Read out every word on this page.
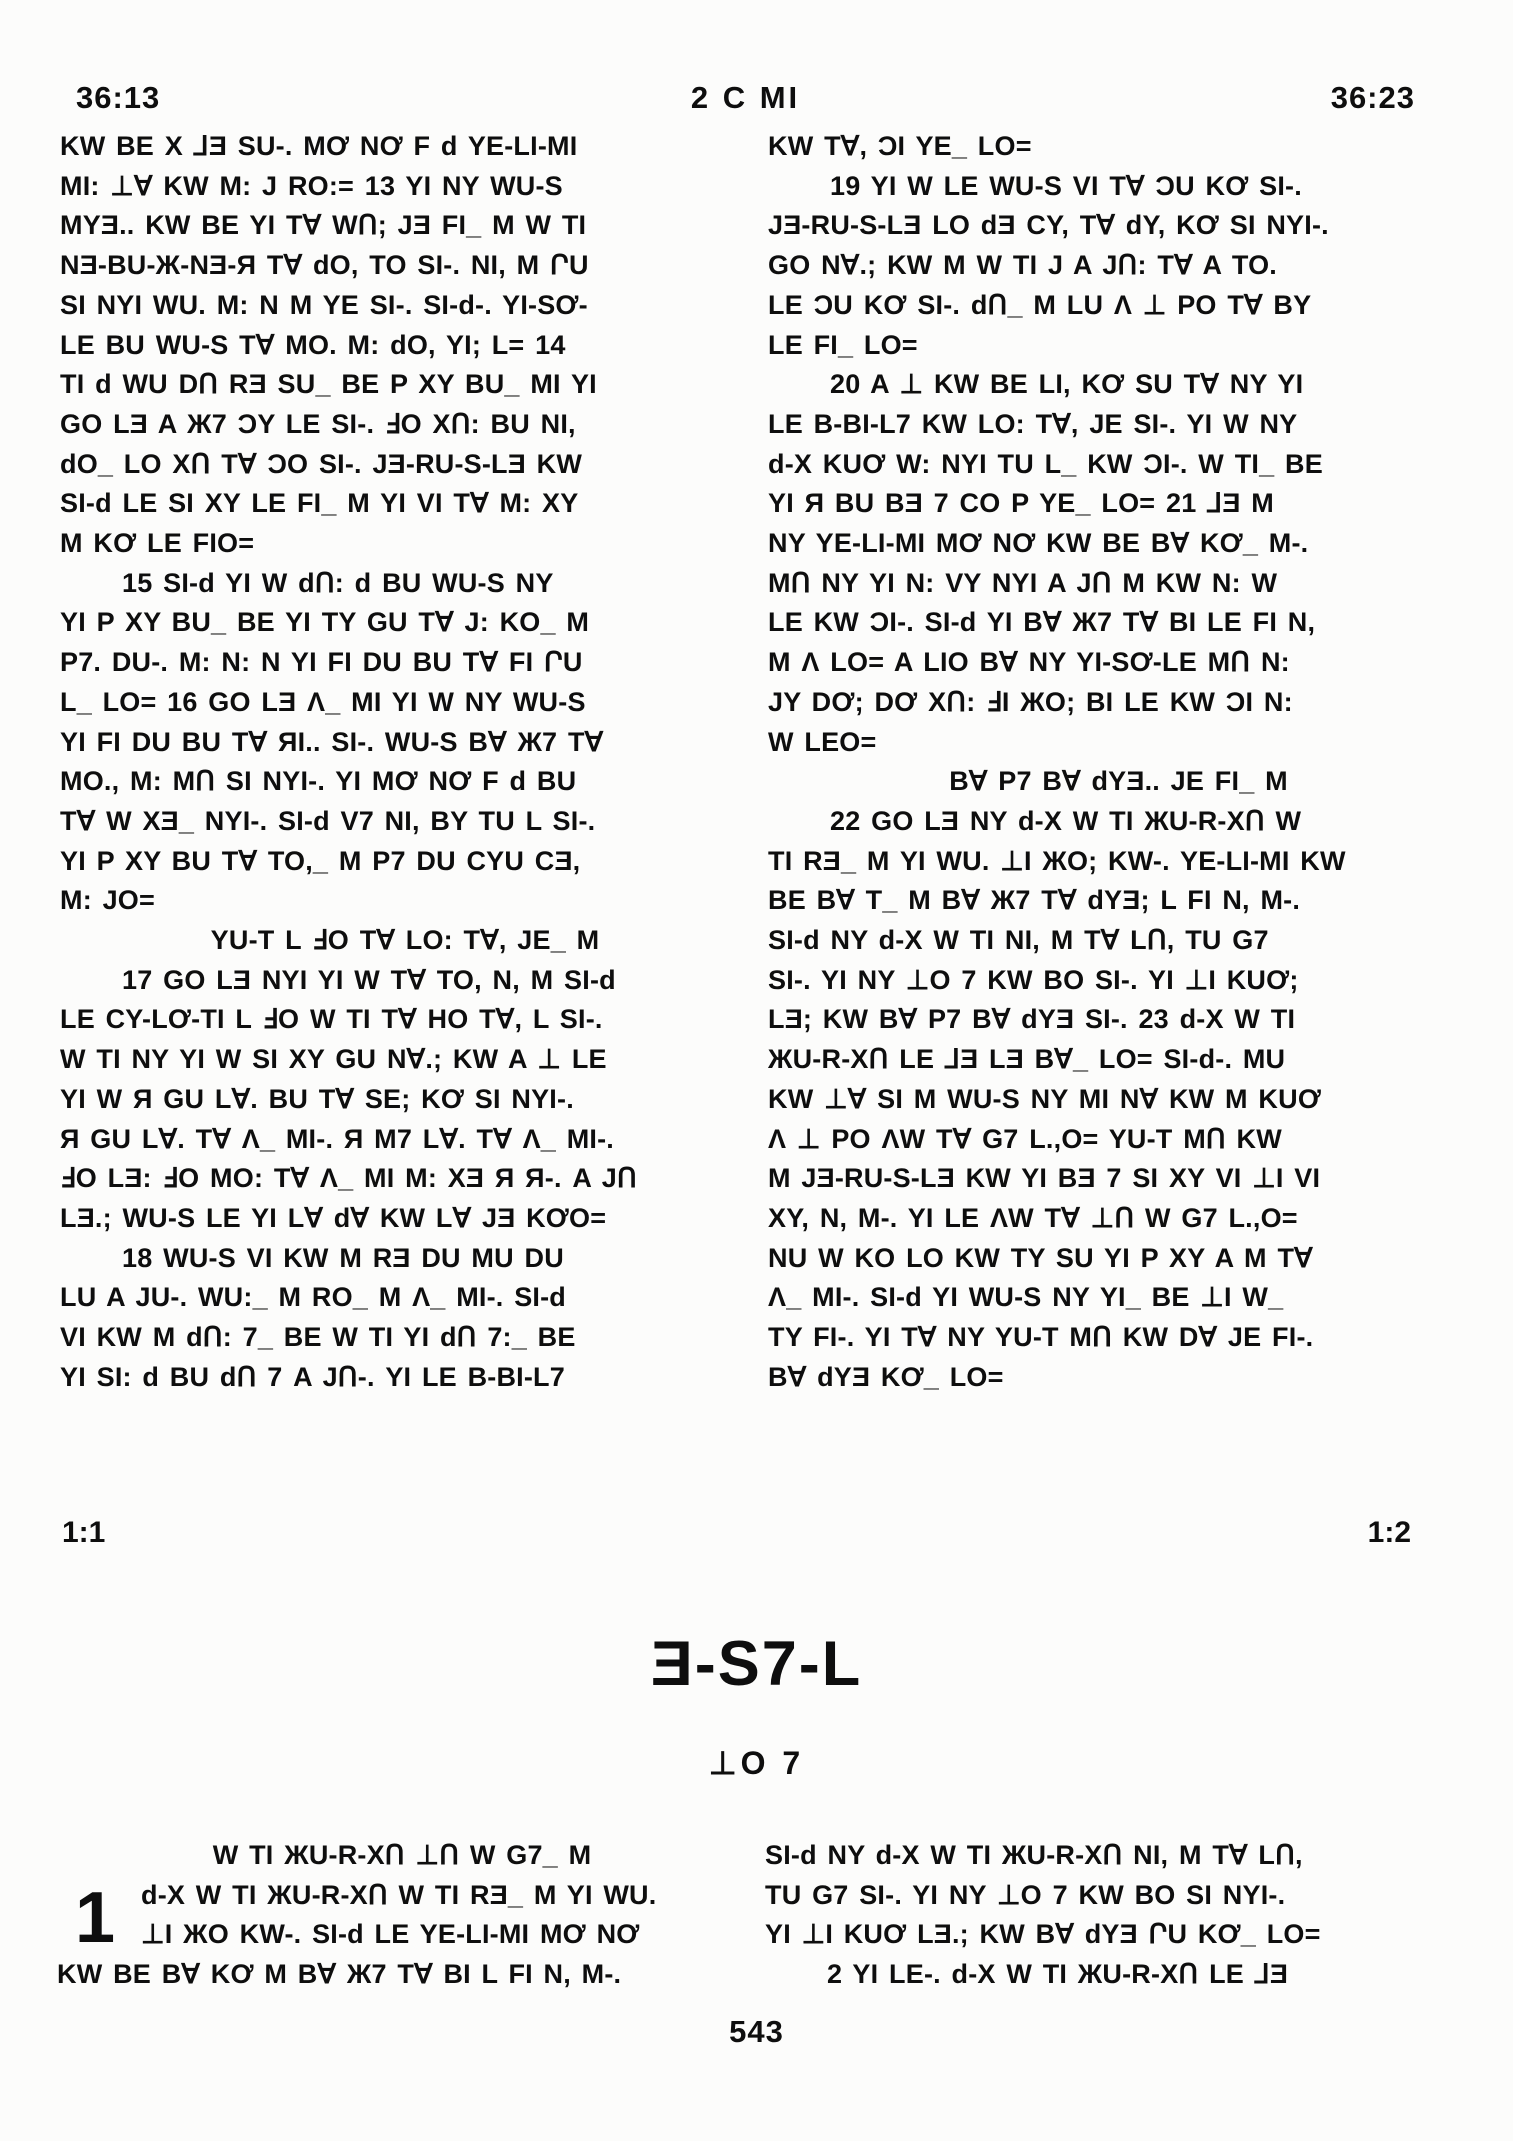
36:13	2 C MI	36:23
KW BE X ⅃Ǝ SU-. MƠ NƠ F d YE-LI-MI
MI: ⊥∀ KW M: J RO:= 13 YI NY WU-S
MYƎ.. KW BE YI T∀ WՈ; JƎ FI_ M W TI
NƎ-BU-Ж-NƎ-Я T∀ dO, TO SI-. NI, M ՐU
SI NYI WU. M: N M YE SI-. SI-d-. YI-SƠ-
LE BU WU-S T∀ MO. M: dO, YI; L= 14
TI d WU DՈ RƎ SU_ BE P XY BU_ MI YI
GO LƎ A Ж7 ƆY LE SI-. ℲO XՈ: BU NI,
dO_ LO XՈ T∀ ƆO SI-. JƎ-RU-S-LƎ KW
SI-d LE SI XY LE FI_ M YI VI T∀ M: XY
M KƠ LE FIO=
15 SI-d YI W dՈ: d BU WU-S NY
YI P XY BU_ BE YI TY GU T∀ J: KO_ M
P7. DU-. M: N: N YI FI DU BU T∀ FI ՐU
L_ LO= 16 GO LƎ Λ_ MI YI W NY WU-S
YI FI DU BU T∀ ЯI.. SI-. WU-S B∀ Ж7 T∀
MO., M: MՈ SI NYI-. YI MƠ NƠ F d BU
T∀ W XƎ_ NYI-. SI-d V7 NI, BY TU L SI-.
YI P XY BU T∀ TO,_ M P7 DU CYU CƎ,
M: JO=
YU-T L ℲO T∀ LO: T∀, JE_ M
17 GO LƎ NYI YI W T∀ TO, N, M SI-d
LE CY-LƠ-TI L ℲO W TI T∀ HO T∀, L SI-.
W TI NY YI W SI XY GU N∀.; KW A ⊥ LE
YI W Я GU L∀. BU T∀ SE; KƠ SI NYI-.
Я GU L∀. T∀ Λ_ MI-. Я M7 L∀. T∀ Λ_ MI-.
ℲO LƎ: ℲO MO: T∀ Λ_ MI M: XƎ Я Я-. A JՈ
LƎ.; WU-S LE YI L∀ d∀ KW L∀ JƎ KƠO=
18 WU-S VI KW M RƎ DU MU DU
LU A JU-. WU:_ M RO_ M Λ_ MI-. SI-d
VI KW M dՈ: 7_ BE W TI YI dՈ 7:_ BE
YI SI: d BU dՈ 7 A JՈ-. YI LE B-BI-L7
KW T∀, ƆI YE_ LO=
19 YI W LE WU-S VI T∀ ƆU KƠ SI-.
JƎ-RU-S-LƎ LO dƎ CY, T∀ dY, KƠ SI NYI-.
GO N∀.; KW M W TI J A JՈ: T∀ A TO.
LE ƆU KƠ SI-. dՈ_ M LU Λ ⊥ PO T∀ BY
LE FI_ LO=
20 A ⊥ KW BE LI, KƠ SU T∀ NY YI
LE B-BI-L7 KW LO: T∀, JE SI-. YI W NY
d-X KUƠ W: NYI TU L_ KW ƆI-. W TI_ BE
YI Я BU BƎ 7 CO P YE_ LO= 21 ⅃Ǝ M
NY YE-LI-MI MƠ NƠ KW BE B∀ KƠ_ M-.
MՈ NY YI N: VY NYI A JՈ M KW N: W
LE KW ƆI-. SI-d YI B∀ Ж7 T∀ BI LE FI N,
M Λ LO= A LIO B∀ NY YI-SƠ-LE MՈ N:
JY DƠ; DƠ XՈ: ℲI ЖO; BI LE KW ƆI N:
W LEO=
B∀ P7 B∀ dYƎ.. JE FI_ M
22 GO LƎ NY d-X W TI ЖU-R-XՈ W
TI RƎ_ M YI WU. ⊥I ЖO; KW-. YE-LI-MI KW
BE B∀ T_ M B∀ Ж7 T∀ dYƎ; L FI N, M-.
SI-d NY d-X W TI NI, M T∀ LՈ, TU G7
SI-. YI NY ⊥O 7 KW BO SI-. YI ⊥I KUƠ;
LƎ; KW B∀ P7 B∀ dYƎ SI-. 23 d-X W TI
ЖU-R-XՈ LE ⅃Ǝ LƎ B∀_ LO= SI-d-. MU
KW ⊥∀ SI M WU-S NY MI N∀ KW M KUƠ
Λ ⊥ PO ΛW T∀ G7 L.,O= YU-T MՈ KW
M JƎ-RU-S-LƎ KW YI BƎ 7 SI XY VI ⊥I VI
XY, N, M-. YI LE ΛW T∀ ⊥Ո W G7 L.,O=
NU W KO LO KW TY SU YI P XY A M T∀
Λ_ MI-. SI-d YI WU-S NY YI_ BE ⊥I W_
TY FI-. YI T∀ NY YU-T MՈ KW D∀ JE FI-.
B∀ dYƎ KƠ_ LO=
1:1	1:2
Ǝ-S7-L
⊥O 7
W TI ЖU-R-XՈ ⊥Ո W G7_ M
1 d-X W TI ЖU-R-XՈ W TI RƎ_ M YI WU.
⊥I ЖO KW-. SI-d LE YE-LI-MI MƠ NƠ
KW BE B∀ KƠ M B∀ Ж7 T∀ BI L FI N, M-.
SI-d NY d-X W TI ЖU-R-XՈ NI, M T∀ LՈ,
TU G7 SI-. YI NY ⊥O 7 KW BO SI NYI-.
YI ⊥I KUƠ LƎ.; KW B∀ dYƎ ՐU KƠ_ LO=
2 YI LE-. d-X W TI ЖU-R-XՈ LE ⅃Ǝ
543
